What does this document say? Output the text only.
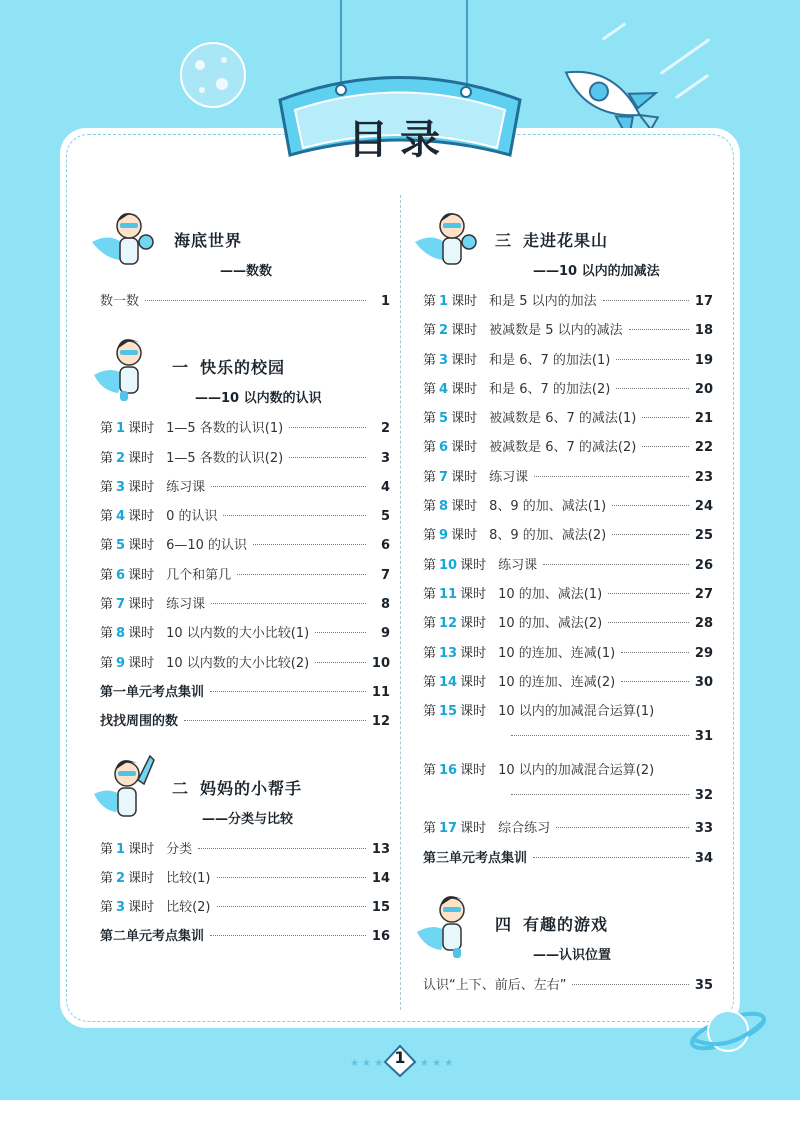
目录
海底世界
——数数
数一数	1
一 快乐的校园
——10 以内数的认识
第 1 课时 1—5 各数的认识(1)	2
第 2 课时 1—5 各数的认识(2)	3
第 3 课时 练习课	4
第 4 课时 0 的认识	5
第 5 课时 6—10 的认识	6
第 6 课时 几个和第几	7
第 7 课时 练习课	8
第 8 课时 10 以内数的大小比较(1)	9
第 9 课时 10 以内数的大小比较(2)	10
第一单元考点集训	11
找找周围的数	12
二 妈妈的小帮手
——分类与比较
第 1 课时 分类	13
第 2 课时 比较(1)	14
第 3 课时 比较(2)	15
第二单元考点集训	16
三 走进花果山
——10 以内的加减法
第 1 课时 和是 5 以内的加法	17
第 2 课时 被减数是 5 以内的减法	18
第 3 课时 和是 6、7 的加法(1)	19
第 4 课时 和是 6、7 的加法(2)	20
第 5 课时 被减数是 6、7 的减法(1)	21
第 6 课时 被减数是 6、7 的减法(2)	22
第 7 课时 练习课	23
第 8 课时 8、9 的加、减法(1)	24
第 9 课时 8、9 的加、减法(2)	25
第 10 课时 练习课	26
第 11 课时 10 的加、减法(1)	27
第 12 课时 10 的加、减法(2)	28
第 13 课时 10 的连加、连减(1)	29
第 14 课时 10 的连加、连减(2)	30
第 15 课时 10 以内的加减混合运算(1)
31
第 16 课时 10 以内的加减混合运算(2)
32
第 17 课时 综合练习	33
第三单元考点集训	34
四 有趣的游戏
——认识位置
认识“上下、前后、左右”	35
★ ★ ★	★ ★ ★
1
